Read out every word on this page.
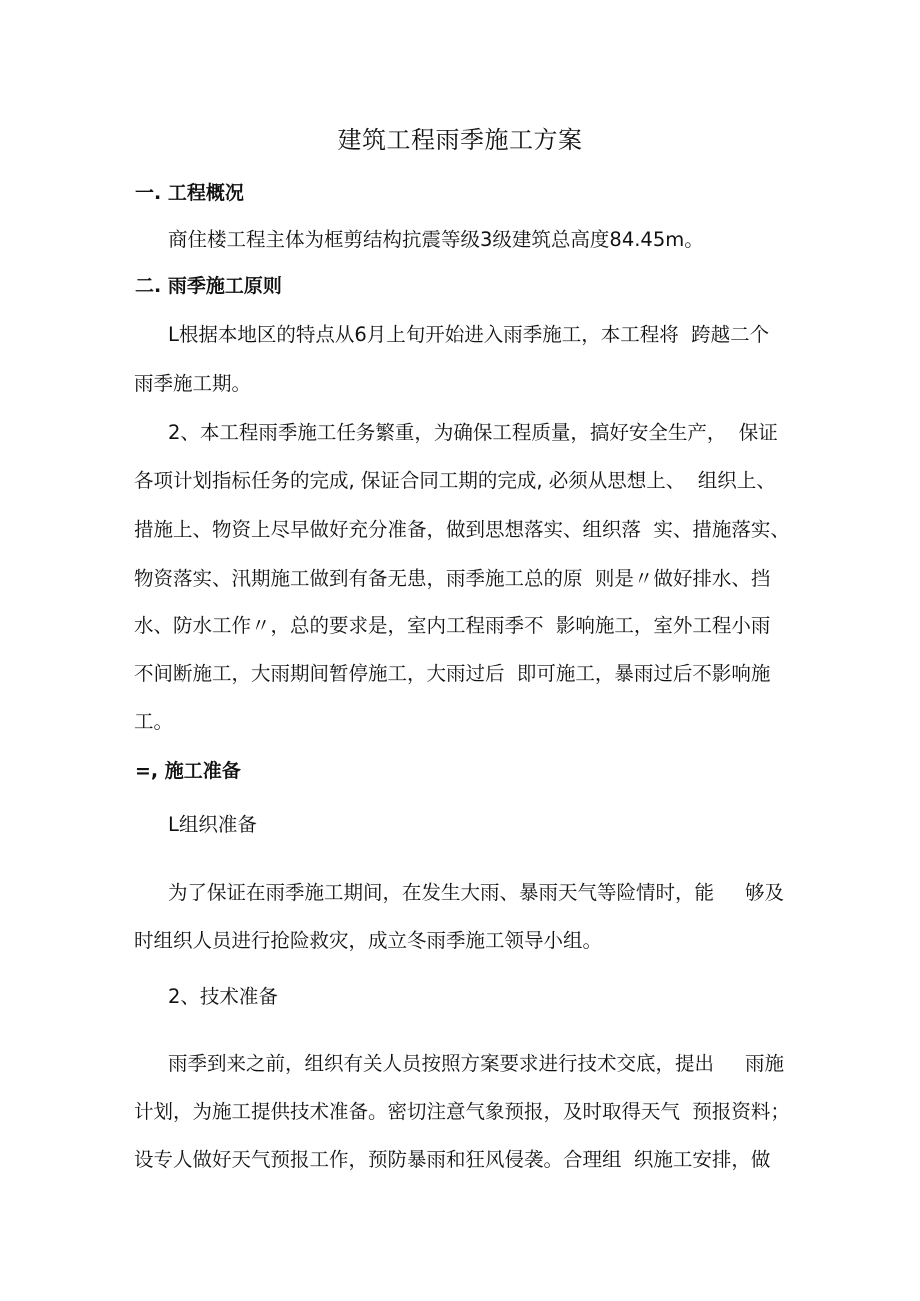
建筑工程雨季施工方案
一. 工程概况
商住楼工程主体为框剪结构抗震等级3级建筑总高度84.45m。
二. 雨季施工原则
L根据本地区的特点从6月上旬开始进入雨季施工，本工程将  跨越二个
雨季施工期。
2、本工程雨季施工任务繁重，为确保工程质量，搞好安全生产，  保证
各项计划指标任务的完成, 保证合同工期的完成, 必须从思想上、  组织上、
措施上、物资上尽早做好充分准备，做到思想落实、组织落  实、措施落实、
物资落实、汛期施工做到有备无患，雨季施工总的原  则是〃做好排水、挡
水、防水工作〃，总的要求是，室内工程雨季不  影响施工，室外工程小雨
不间断施工，大雨期间暂停施工，大雨过后  即可施工，暴雨过后不影响施
工。
=, 施工准备
L组织准备
为了保证在雨季施工期间，在发生大雨、暴雨天气等险情时，能     够及
时组织人员进行抢险救灾，成立冬雨季施工领导小组。
2、技术准备
雨季到来之前，组织有关人员按照方案要求进行技术交底，提出     雨施
计划，为施工提供技术准备。密切注意气象预报，及时取得天气  预报资料；
设专人做好天气预报工作，预防暴雨和狂风侵袭。合理组  织施工安排，做
